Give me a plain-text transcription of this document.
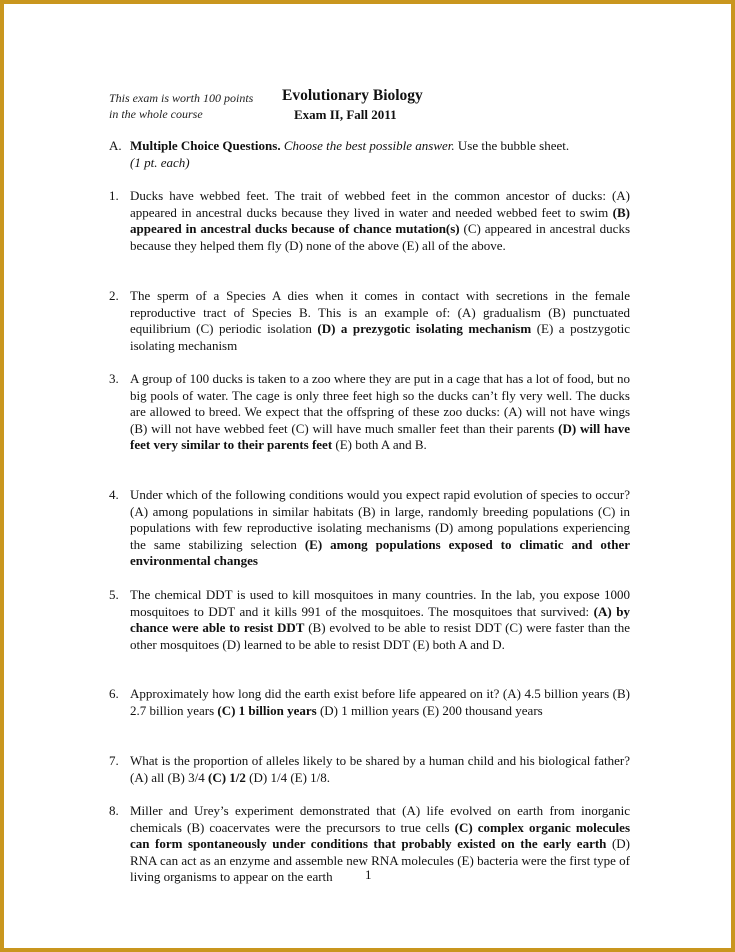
This exam is worth 100 points
in the whole course
Evolutionary Biology
Exam II, Fall 2011
A. Multiple Choice Questions. Choose the best possible answer. Use the bubble sheet.
(1 pt. each)
1. Ducks have webbed feet. The trait of webbed feet in the common ancestor of ducks: (A) appeared in ancestral ducks because they lived in water and needed webbed feet to swim (B) appeared in ancestral ducks because of chance mutation(s) (C) appeared in ancestral ducks because they helped them fly (D) none of the above (E) all of the above.
2. The sperm of a Species A dies when it comes in contact with secretions in the female reproductive tract of Species B. This is an example of: (A) gradualism (B) punctuated equilibrium (C) periodic isolation (D) a prezygotic isolating mechanism (E) a postzygotic isolating mechanism
3. A group of 100 ducks is taken to a zoo where they are put in a cage that has a lot of food, but no big pools of water. The cage is only three feet high so the ducks can’t fly very well. The ducks are allowed to breed. We expect that the offspring of these zoo ducks: (A) will not have wings (B) will not have webbed feet (C) will have much smaller feet than their parents (D) will have feet very similar to their parents feet (E) both A and B.
4. Under which of the following conditions would you expect rapid evolution of species to occur? (A) among populations in similar habitats (B) in large, randomly breeding populations (C) in populations with few reproductive isolating mechanisms (D) among populations experiencing the same stabilizing selection (E) among populations exposed to climatic and other environmental changes
5. The chemical DDT is used to kill mosquitoes in many countries. In the lab, you expose 1000 mosquitoes to DDT and it kills 991 of the mosquitoes. The mosquitoes that survived: (A) by chance were able to resist DDT (B) evolved to be able to resist DDT (C) were faster than the other mosquitoes (D) learned to be able to resist DDT (E) both A and D.
6. Approximately how long did the earth exist before life appeared on it? (A) 4.5 billion years (B) 2.7 billion years (C) 1 billion years (D) 1 million years (E) 200 thousand years
7. What is the proportion of alleles likely to be shared by a human child and his biological father? (A) all (B) 3/4 (C) 1/2 (D) 1/4 (E) 1/8.
8. Miller and Urey’s experiment demonstrated that (A) life evolved on earth from inorganic chemicals (B) coacervates were the precursors to true cells (C) complex organic molecules can form spontaneously under conditions that probably existed on the early earth (D) RNA can act as an enzyme and assemble new RNA molecules (E) bacteria were the first type of living organisms to appear on the earth	1
